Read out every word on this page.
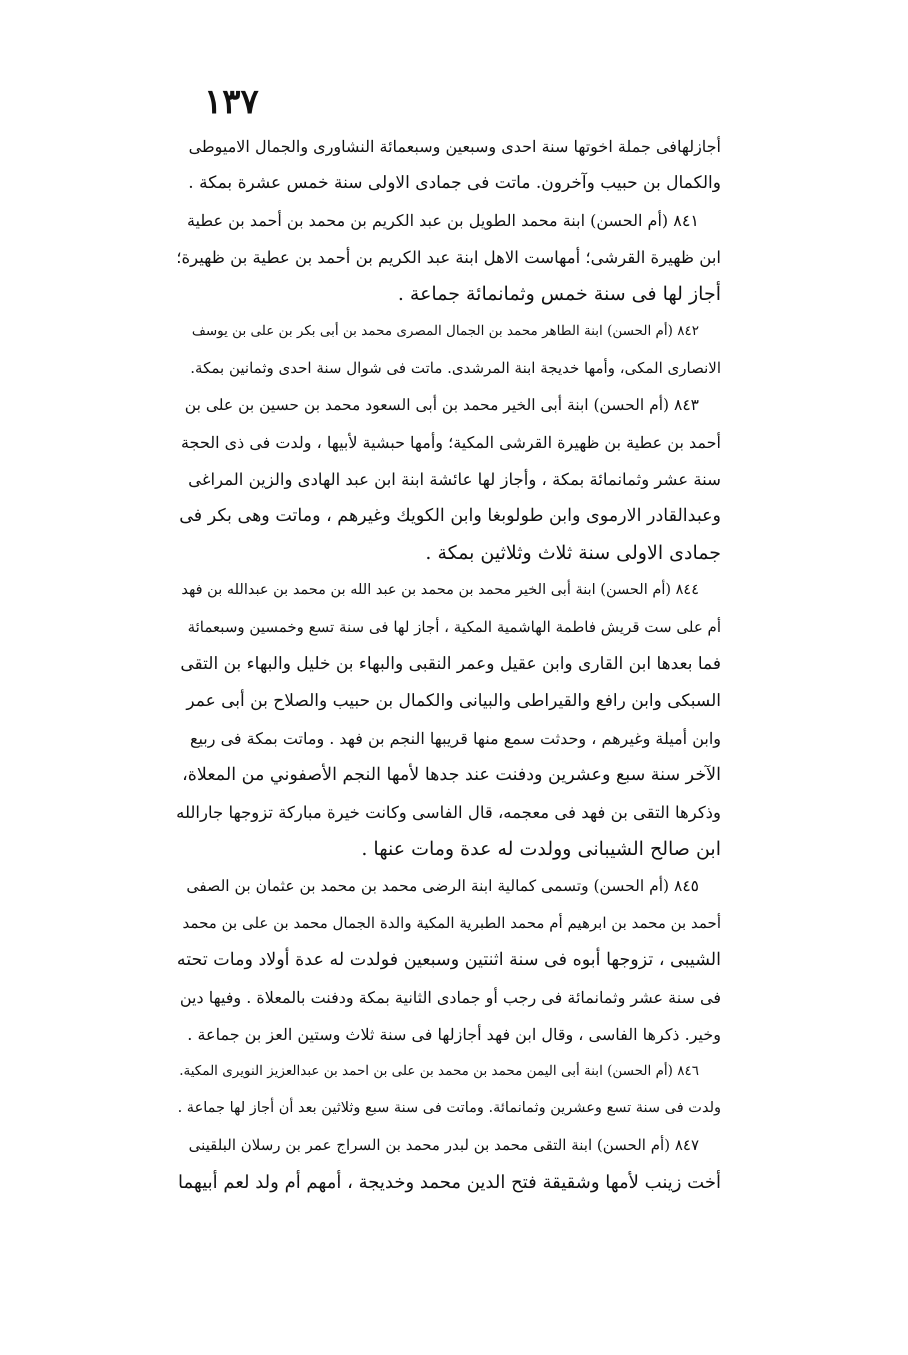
١٣٧
أجازلهافى جملة اخوتها سنة احدى وسبعين وسبعمائة النشاورى والجمال الاميوطى
والكمال بن حبيب وآخرون. ماتت فى جمادى الاولى سنة خمس عشرة بمكة .
٨٤١ (أم الحسن) ابنة محمد الطويل بن عبد الكريم بن محمد بن أحمد بن عطية
ابن ظهيرة القرشى؛ أمهاست الاهل ابنة عبد الكريم بن أحمد بن عطية بن ظهيرة؛
أجاز لها فى سنة خمس وثمانمائة جماعة .
٨٤٢ (أم الحسن) ابنة الطاهر محمد بن الجمال المصرى محمد بن أبى بكر بن على بن يوسف
الانصارى المكى، وأمها خديجة ابنة المرشدى. ماتت فى شوال سنة احدى وثمانين بمكة.
٨٤٣ (أم الحسن) ابنة أبى الخير محمد بن أبى السعود محمد بن حسين بن على بن
أحمد بن عطية بن ظهيرة القرشى المكية؛ وأمها حبشية لأبيها ، ولدت فى ذى الحجة
سنة عشر وثمانمائة بمكة ، وأجاز لها عائشة ابنة ابن عبد الهادى والزين المراغى
وعبدالقادر الارموى وابن طولوبغا وابن الكويك وغيرهم ، وماتت وهى بكر فى
جمادى الاولى سنة ثلاث وثلاثين بمكة .
٨٤٤ (أم الحسن) ابنة أبى الخير محمد بن محمد بن عبد الله بن محمد بن عبدالله بن فهد
أم على ست قريش فاطمة الهاشمية المكية ، أجاز لها فى سنة تسع وخمسين وسبعمائة
فما بعدها ابن القارى وابن عقيل وعمر النقبى والبهاء بن خليل والبهاء بن التقى
السبكى وابن رافع والقيراطى والبيانى والكمال بن حبيب والصلاح بن أبى عمر
وابن أميلة وغيرهم ، وحدثت سمع منها قريبها النجم بن فهد . وماتت بمكة فى ربيع
الآخر سنة سبع وعشرين ودفنت عند جدها لأمها النجم الأصفوني من المعلاة،
وذكرها التقى بن فهد فى معجمه، قال الفاسى وكانت خيرة مباركة تزوجها جارالله
ابن صالح الشيبانى وولدت له عدة ومات عنها .
٨٤٥ (أم الحسن) وتسمى كمالية ابنة الرضى محمد بن محمد بن عثمان بن الصفى
أحمد بن محمد بن ابرهيم أم محمد الطبرية المكية والدة الجمال محمد بن على بن محمد
الشيبى ، تزوجها أبوه فى سنة اثنتين وسبعين فولدت له عدة أولاد ومات تحته
فى سنة عشر وثمانمائة فى رجب أو جمادى الثانية بمكة ودفنت بالمعلاة . وفيها دين
وخير. ذكرها الفاسى ، وقال ابن فهد أجازلها فى سنة ثلاث وستين العز بن جماعة .
٨٤٦ (أم الحسن) ابنة أبى اليمن محمد بن محمد بن على بن احمد بن عبدالعزيز النويرى المكية.
ولدت فى سنة تسع وعشرين وثمانمائة. وماتت فى سنة سبع وثلاثين بعد أن أجاز لها جماعة .
٨٤٧ (أم الحسن) ابنة التقى محمد بن لبدر محمد بن السراج عمر بن رسلان البلقينى
أخت زينب لأمها وشقيقة فتح الدين محمد وخديجة ، أمهم أم ولد لعم أبيهما
